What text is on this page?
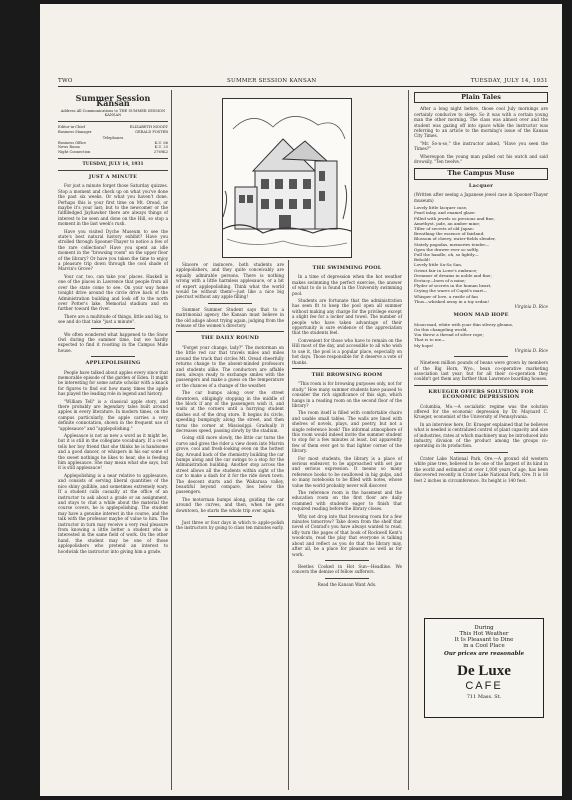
TWO	SUMMER SESSION KANSAN	TUESDAY, JULY 14, 1931
Summer Session Kansan
Address All Communications to THE SUMMER SESSION KANSAN
Editor-in-Chief	ELIZABETH MOODY
Business Manager	GERALD FOSTER
Telephones
Business Office	K.U. 66
News Room	K.U. 25
Night Connection	2769K2
TUESDAY, JULY 14, 1931
JUST A MINUTE

For just a minute forget those Saturday quizzes. Stop a moment and check up on what you've done the past six weeks. Or what you haven't done. Perhaps this is your first time on Mt. Oread, or maybe it's your last; but to the newcomer or the fulfilledged Jayhawker there are always things of interest to be seen and done on the Hill, so stop a moment in the last week's rush.

Have you visited Dyche Museum to see the state's best natural history exhibit? Have you strolled through Spooner-Thayer to notice a few of the rare collections? Have you spent an idle moment in the "browsing room" on the upper floor of the library? Or have you taken the time to enjoy a pleasure trip down through the cool shade of Marvin's Grove?

Your car, too, can take you' places. Haskell is one of the places in Lawrence that people from all over the state come to see. On your way home tonight drive around the circle drive back of the Administration building and look off to the north over Potter's lake, Memorial stadium and on further toward the river.

There are a multitude of things, little and big, to see and do that take "just a minute".

We often wondered what happened to the Snow Owl during the summer time, but we hardly expected to find it roosting in the Campus Mule house.

APPLEPOLISHING

People have talked about apples every since that memorable episode of the garden of Eden. It might be interesting for some astute scholar with a knack for figures to find out how many times the apple has played the leading role in legend and history.

"William Tell" is a classical apple story, and there probably are legendary tales built around apples in every literature. In modern times, on the campus particularly, the apple carries a very definite connotation, shown in the frequent use of "applesauce" and "applepolishing."

Applesauce is not as new a word as it might be, but it is still in the collegiate vocabulary. If a co-ed tells her boy friend that she thinks he is handsome and a good dancer, or whispers in his ear some of the sweet nothings he likes to hear, she is feeding him applesauce. She may mean what she says, but it is still applesauce!

Applepolishing is a near relative to applesauce, and consists of serving liberal quantities of the nice shiny gullible, and sometimes extremely wary. If a student calls casually at the office of an instructor to ask about a grade or an assignment, and stays to chat a while about the material the course covers, he is applepolishing. The student may have a genuine interest in the course, and the talk with the professor maybe of value to him. The instructor in turn may receive a very real pleasure from knowing a little better a student who is interested in the same field of work. On the other hand, the student may be one of those applepolishers who pretend an interest to hoodwink the instructor into giving him a grade.

Sincere or insincere, both students are applepolishers, and they quite conceivably are equally admirable persons. There is nothing wrong with a little harmless applesauce, or a bit of expert applepolishing. Think what the world would be without them!—just like a nice big piecrust without any apple filling!

Summer Summer Student says that to a matrimonial agency the Kansan must believe in the old adage about trying again, judging from the release of the women's directory.

THE DAILY ROUND

"Forget your change, lady?" The motorman on the little red car that travels miles and miles around the track that circles Mt. Oread cheerfully returns change to the absent-minded professors and students alike. The conductors are affable men, always ready to exchange smiles with the passengers and make a guess on the temperature or the chances of a change of the weather.

The car bumps along over the street downtown, obligingly stopping in the middle of the block if any of the passengers wish it, and waits at the corners until a hurrying student dashes out of the drug store. It begins its circle, speeding bumpingly along the street, and then turns the corner at Mississippi. Gradually it decreases speed, passing slowly by the stadium.

Going still more slowly, the little car turns the curve and gives the rider a view down into Marvin grove, cool and fresh-looking even on the hottest day. Around back of the chemistry building the car bumps along and the car swings to a stop for the Administration building. Another stop across the street allows all the students within sight of the car to make a dash for it for the ride down town. The descent starts and the Wakarusa valley, beautiful beyond compare, lies below the passengers.

The motorman bumps along, guiding the car around the curves, and then, when he gets downtown, he starts the whole trip over again.

Just three or four days in which to apple-polish the instructors by going to class ten minutes early.

THE SWIMMING POOL

In a time of depression when the hot weather makes swimming the perfect exercise, the answer of what to do is found in the University swimming pool.

Students are fortunate that the administration has seen fit to keep the pool open all summer without making any charge for the privilege except a slight fee for a locker and towel. The number of people who have taken advantage of their opportunity is sure evidence of the appreciation that the students feel.

Convenient for those who have to remain on the Hill most of the day, and accessible to all who wish to use it, the pool is a popular place, especially on hot days. Those responsible for it deserve a vote of thanks.

THE BROWSING ROOM

"This room is for browsing purposes only, not for study." How many summer students have paused to consider the rich significance of this sign, which hangs in a reading room on the second floor of the library?

The room itself is filled with comfortable chairs and usable small tables. The walls are lined with shelves of novels, plays, and poetry, but not a single reference book! The informal atmosphere of this room would indeed invite the summer student to stop for a few minutes at least, but apparently few of them ever get to that lighter corner of the library.

For most students, the library is a place of serious endeavor, to be approached with set jaw and serious expression. It means so many reference books to be swallowed in big gulps, and so many notebooks to be filled with notes, whose value the world probably never will discover.

The reference room is the basement and the education room on the first floor are daily crammed with students eager to finish that required reading before the library closes.

Why not drop into that browsing room for a few minutes tomorrow? Take down from the shelf that novel of Conrad's you have always wanted to read, idly turn the pages of that book of Rockwell Kent's woodcuts, read the play that everyone is talking about and reflect as you do that the library may, after all, be a place for pleasure as well as for work.

Beetles Cooked in Hot Sun—Headline. We concern the demise of fellow sufferers.

Read the Kansan Want Ads.

Plain Tales

After a long night before, those cool July mornings are certainly conducive to sleep. So it was with a certain young man the other morning. The class was almost over and the student was gazing off into space while the instructor was referring to an article to the morning's issue of the Kansas City Times.

"Mr. So-n-so," the instructor asked, "Have you seen the Times?"

Whereupon the young man pulled out his watch and said drowsily, "Ten twelve."

The Campus Muse
Lacquer

(Written after seeing a Japanese jewel case in Spooner-Thayer museum)

Lovely little lacquer case,
Pearl inlay, and enamel glaze:
Filled with jewels so precious and fine,
Amethyst, jade, an amber mine;
Tiller of secrets of old Japan:
Breathing the essence of fairland.
Blossom of cherry, water-fields slender,
Stately pagodas, memories tender—
Open the drawer ever so softly,
Pull the handle, oh, so lightly—
Behold!
Lovely little Sa-Sa San,
Orient fair in Lowe's embrace;
Dreamer of dreams in noble and fine;
Ecstacy—born of a mine;
Flyder of secrets in the human heart,
Crying the wares of Cupid's mart—
Whisper of love, a rustle of fan
Thus—whisked away in a toy sedan!
Virginia D. Rice
MOON MAD HOPE
Moon-mad, white with your thin silvery gleams,
On this changeling world,
You threw a thread of silver rope;
That is to me—
My hope!
Virginia D. Rice

Nineteen million pounds of beans were grown by members of the Big Horn, Wyo., bean co-operative marketing association last year; but for all their co-operation they couldn't get them any farther than Lawrence boarding houses.

KRUEGER OFFERS SOLUTION FOR ECONOMIC DEPRESSION

Columbia, Mo.—A socialistic regime was the solution offered for the economic depression by Dr. Maynard C. Krueger, economist of the University of Pennsylvania.

In an interview here, Dr. Krueger explained that he believes what is needed is centralized control of plant capacity and size of industries, rates at which machinery may be introduced into industry, division of the product among the groups co-operating in its production.

Crater Lake National Park, Ore.—A ground old western white pine tree, believed to be one of the largest of its kind in the world and estimated at over 1,000 years of age, has been discovered recently in Crater Lake National Park, Ore. It is 18 feet 2 inches in circumference. Its height is 140 feet.

During
This Hot Weather
It Is Pleasant to Dine
in a Cool Place
Our prices are reasonable
De Luxe
CAFE
711 Mass. St.
